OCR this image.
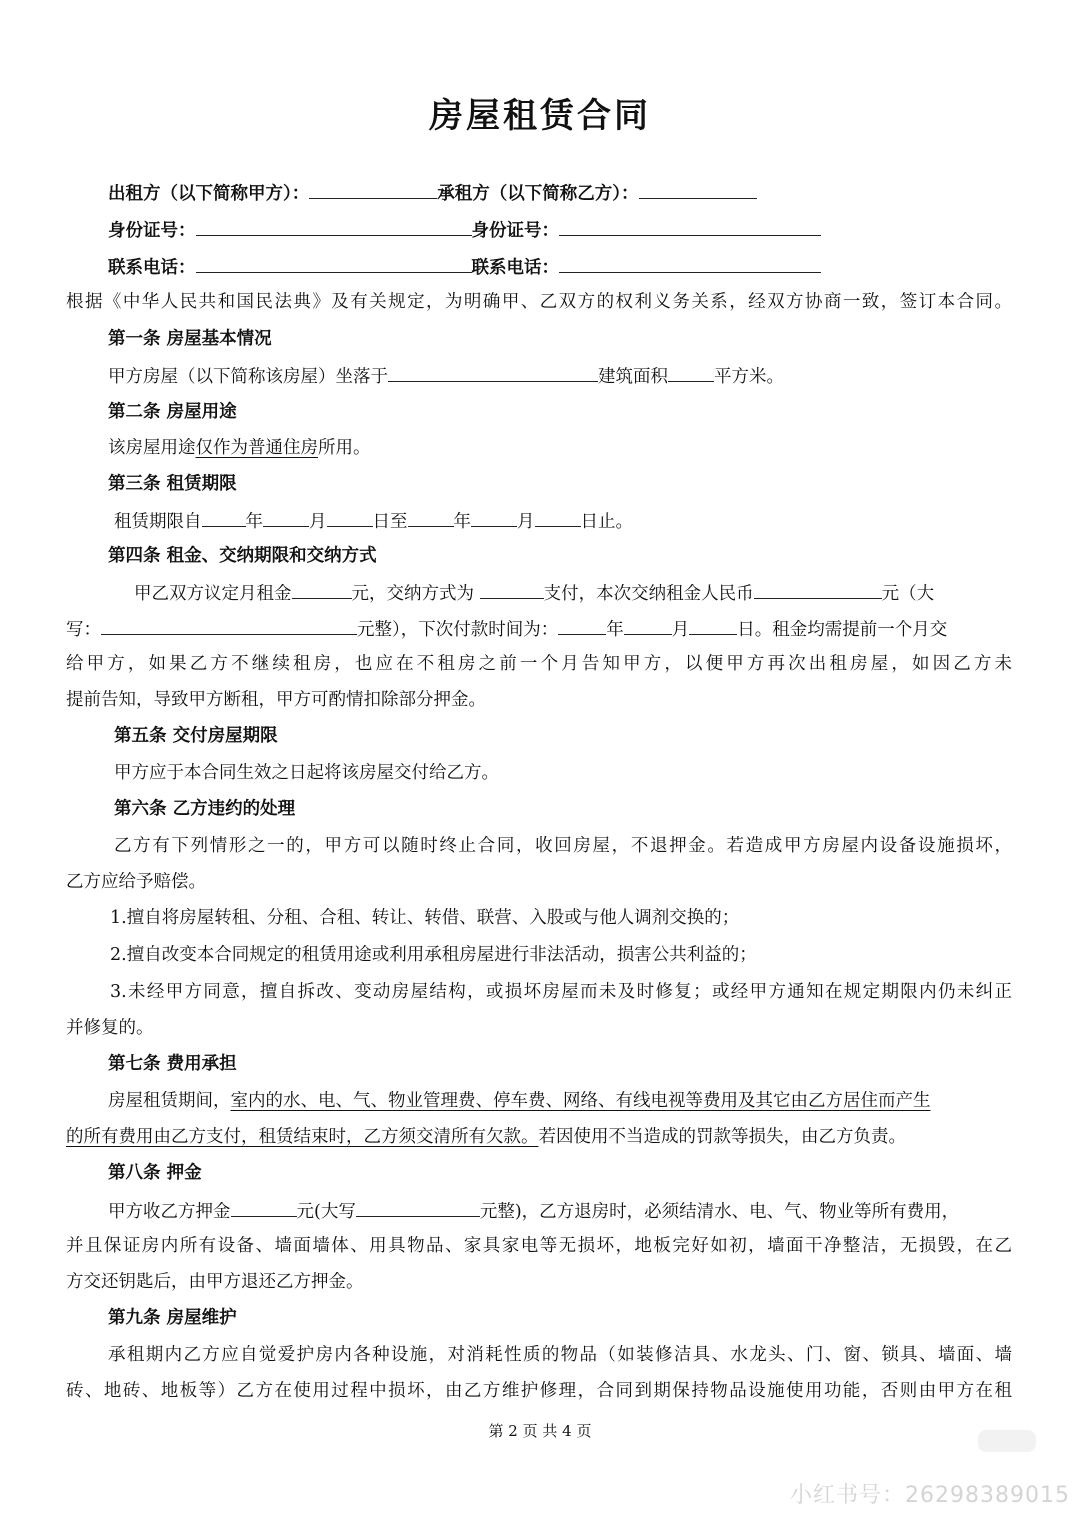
房屋租赁合同
出租方（以下简称甲方）：	承租方（以下简称乙方）：
身份证号：	身份证号：
联系电话：	联系电话：
根据《中华人民共和国民法典》及有关规定，为明确甲、乙双方的权利义务关系，经双方协商一致，签订本合同。
第一条 房屋基本情况
甲方房屋（以下简称该房屋）坐落于	建筑面积	平方米。
第二条 房屋用途
该房屋用途仅作为普通住房所用。
第三条 租赁期限
租赁期限自	年	月	日至	年	月	日止。
第四条 租金、交纳期限和交纳方式
甲乙双方议定月租金	元，交纳方式为	支付，本次交纳租金人民币	元（大
写：	元整），下次付款时间为：	年	月	日。租金均需提前一个月交
给甲方，如果乙方不继续租房，也应在不租房之前一个月告知甲方，以便甲方再次出租房屋，如因乙方未
提前告知，导致甲方断租，甲方可酌情扣除部分押金。
第五条 交付房屋期限
甲方应于本合同生效之日起将该房屋交付给乙方。
第六条 乙方违约的处理
乙方有下列情形之一的，甲方可以随时终止合同，收回房屋，不退押金。若造成甲方房屋内设备设施损坏，
乙方应给予赔偿。
1.擅自将房屋转租、分租、合租、转让、转借、联营、入股或与他人调剂交换的；
2.擅自改变本合同规定的租赁用途或利用承租房屋进行非法活动，损害公共利益的；
3.未经甲方同意，擅自拆改、变动房屋结构，或损坏房屋而未及时修复；或经甲方通知在规定期限内仍未纠正
并修复的。
第七条 费用承担
房屋租赁期间，室内的水、电、气、物业管理费、停车费、网络、有线电视等费用及其它由乙方居住而产生
的所有费用由乙方支付，租赁结束时，乙方须交清所有欠款。若因使用不当造成的罚款等损失，由乙方负责。
第八条 押金
甲方收乙方押金	元(大写	元整)，乙方退房时，必须结清水、电、气、物业等所有费用，
并且保证房内所有设备、墙面墙体、用具物品、家具家电等无损坏，地板完好如初，墙面干净整洁，无损毁，在乙
方交还钥匙后，由甲方退还乙方押金。
第九条 房屋维护
承租期内乙方应自觉爱护房内各种设施，对消耗性质的物品（如装修洁具、水龙头、门、窗、锁具、墙面、墙
砖、地砖、地板等）乙方在使用过程中损坏，由乙方维护修理，合同到期保持物品设施使用功能，否则由甲方在租
第 2 页 共 4 页
小红书号：26298389015
